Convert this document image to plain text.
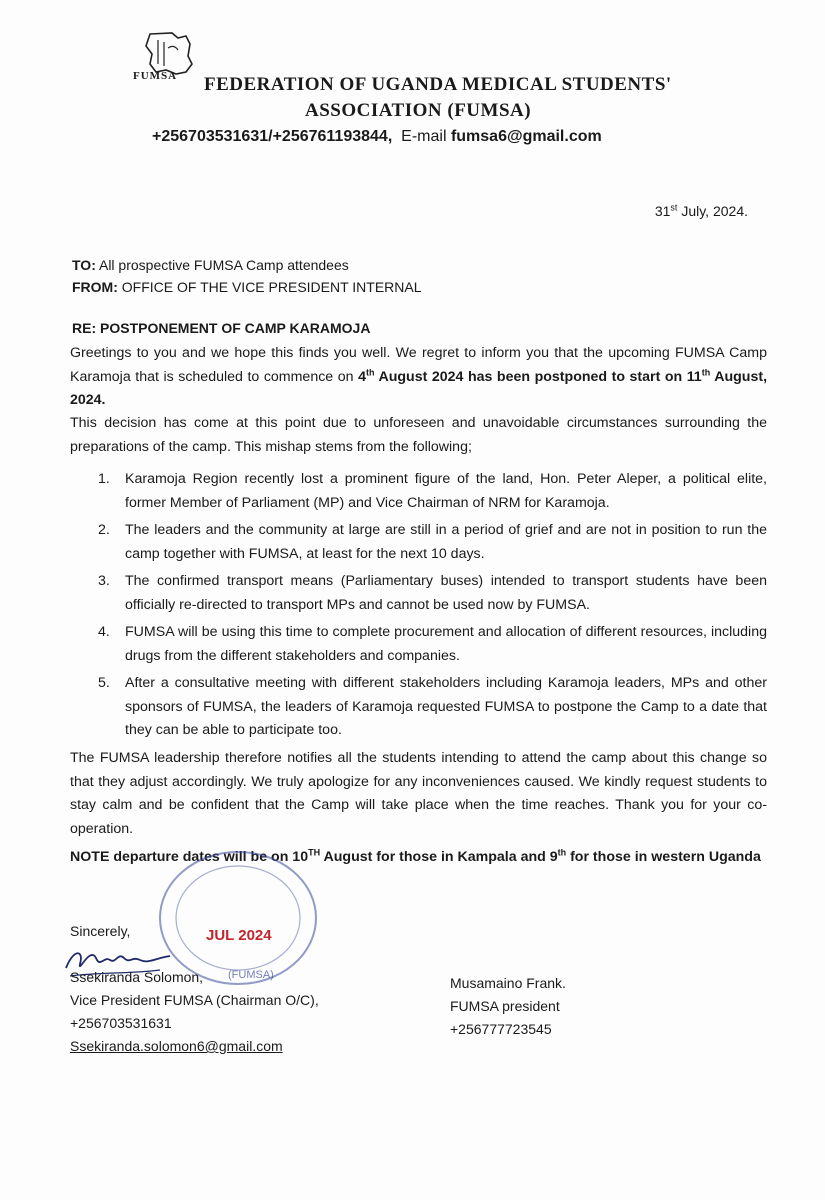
FUMSA FEDERATION OF UGANDA MEDICAL STUDENTS'
ASSOCIATION (FUMSA)
+256703531631/+256761193844, E-mail fumsa6@gmail.com
31st July, 2024.
TO: All prospective FUMSA Camp attendees
FROM: OFFICE OF THE VICE PRESIDENT INTERNAL
RE: POSTPONEMENT OF CAMP KARAMOJA
Greetings to you and we hope this finds you well. We regret to inform you that the upcoming FUMSA Camp Karamoja that is scheduled to commence on 4th August 2024 has been postponed to start on 11th August, 2024.
This decision has come at this point due to unforeseen and unavoidable circumstances surrounding the preparations of the camp. This mishap stems from the following;
1. Karamoja Region recently lost a prominent figure of the land, Hon. Peter Aleper, a political elite, former Member of Parliament (MP) and Vice Chairman of NRM for Karamoja.
2. The leaders and the community at large are still in a period of grief and are not in position to run the camp together with FUMSA, at least for the next 10 days.
3. The confirmed transport means (Parliamentary buses) intended to transport students have been officially re-directed to transport MPs and cannot be used now by FUMSA.
4. FUMSA will be using this time to complete procurement and allocation of different resources, including drugs from the different stakeholders and companies.
5. After a consultative meeting with different stakeholders including Karamoja leaders, MPs and other sponsors of FUMSA, the leaders of Karamoja requested FUMSA to postpone the Camp to a date that they can be able to participate too.
The FUMSA leadership therefore notifies all the students intending to attend the camp about this change so that they adjust accordingly. We truly apologize for any inconveniences caused. We kindly request students to stay calm and be confident that the Camp will take place when the time reaches. Thank you for your co-operation.
NOTE departure dates will be on 10TH August for those in Kampala and 9th for those in western Uganda
JUL 2024
(FUMSA)
Sincerely,
Ssekiranda Solomon,
Vice President FUMSA (Chairman O/C),
+256703531631
Ssekiranda.solomon6@gmail.com
Musamaino Frank.
FUMSA president
+256777723545
